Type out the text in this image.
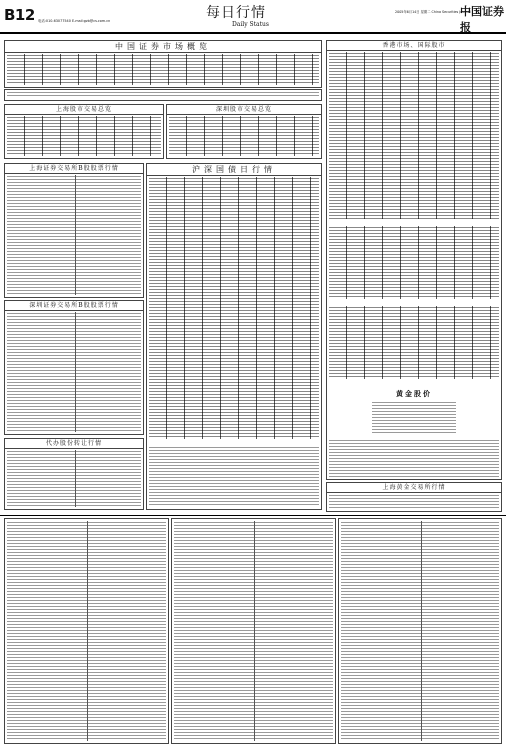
B12 电话:010-63077540 E-mail:gzb@cs.com.cn	每日行情
Daily Status
2005年6月14日 星期二 China Securities Journal
中国证券报
中国证券市场概览
上海股市交易总览	深圳股市交易总览
上海证券交易所B股股票行情
深圳证券交易所B股股票行情
代办股份转让行情
沪深国债日行情
香港市场、国际股市
黄金股价
上海黄金交易所行情
